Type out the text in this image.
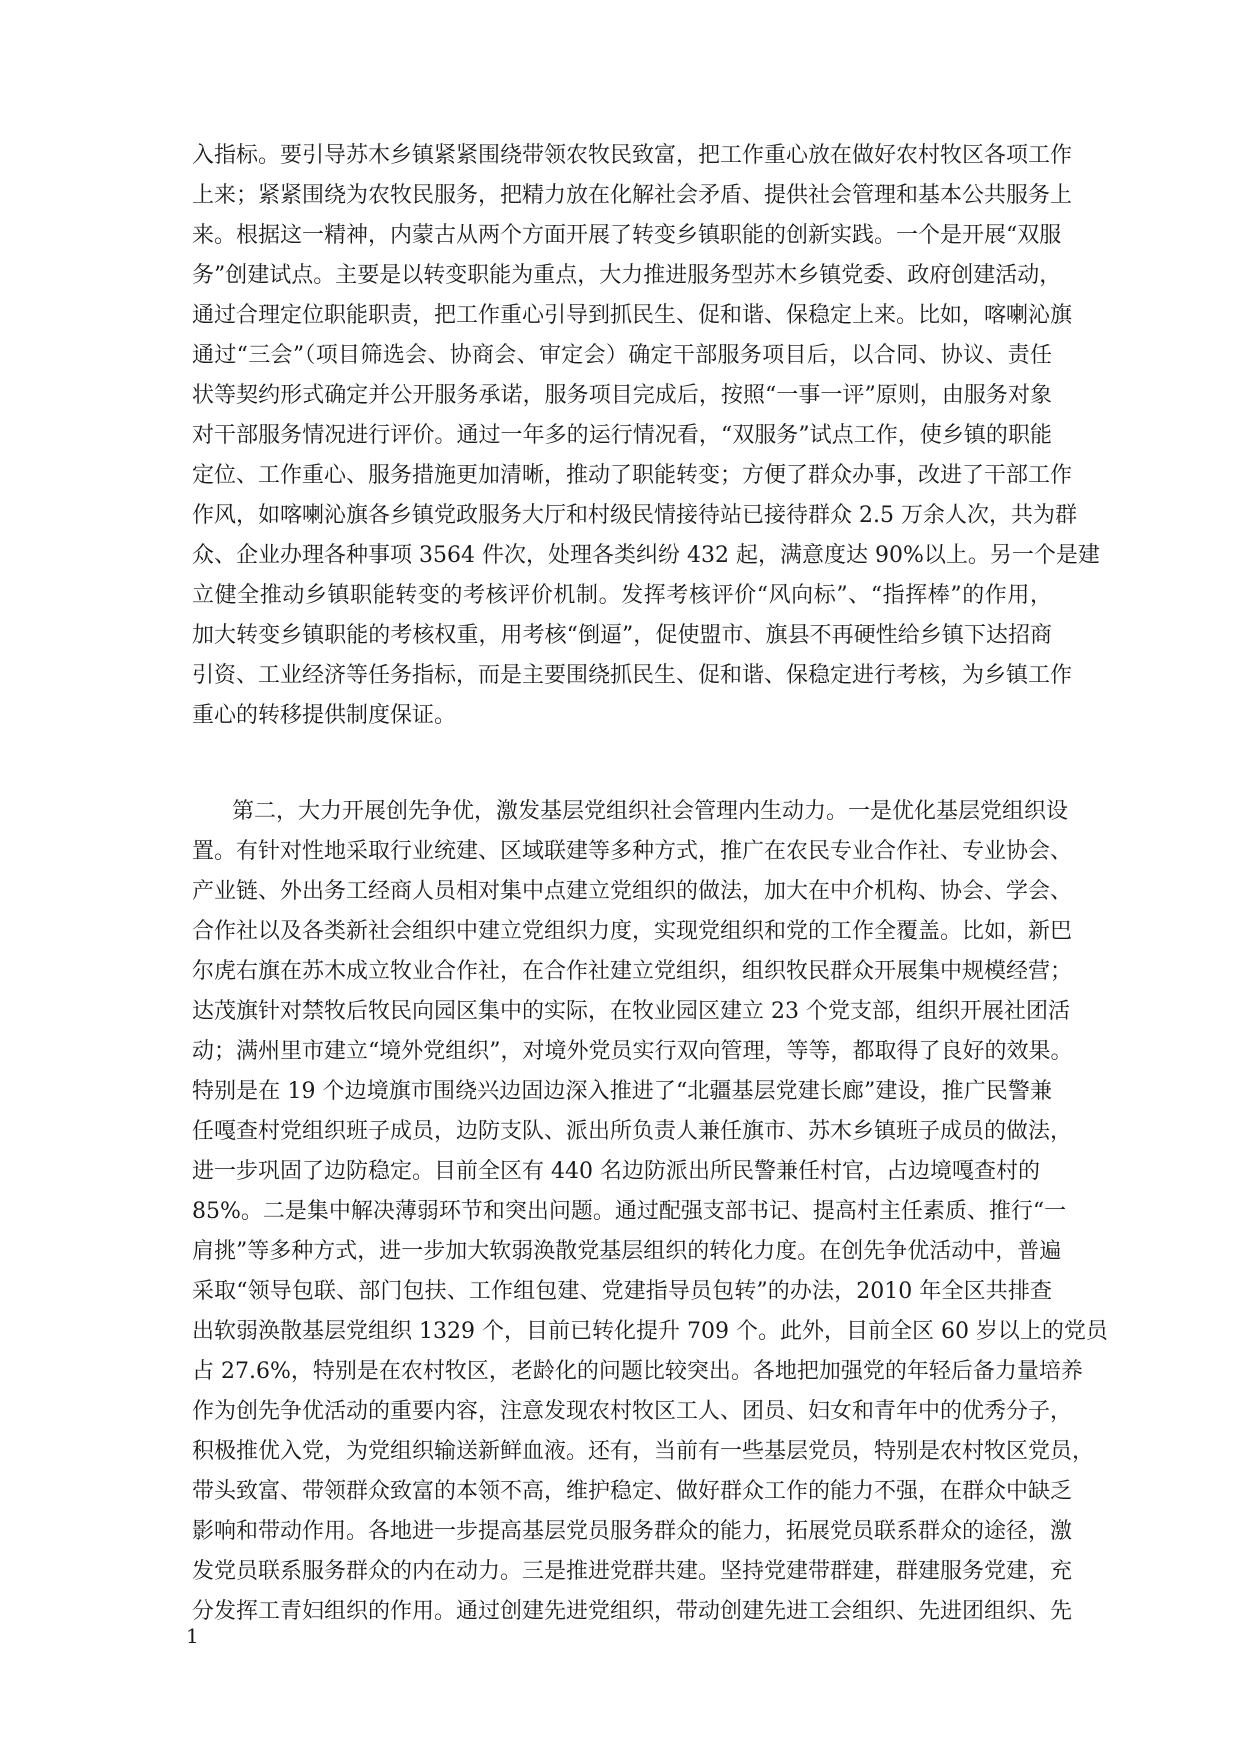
入指标。要引导苏木乡镇紧紧围绕带领农牧民致富，把工作重心放在做好农村牧区各项工作
上来；紧紧围绕为农牧民服务，把精力放在化解社会矛盾、提供社会管理和基本公共服务上
来。根据这一精神，内蒙古从两个方面开展了转变乡镇职能的创新实践。一个是开展“双服
务”创建试点。主要是以转变职能为重点，大力推进服务型苏木乡镇党委、政府创建活动，
通过合理定位职能职责，把工作重心引导到抓民生、促和谐、保稳定上来。比如，喀喇沁旗
通过“三会”（项目筛选会、协商会、审定会）确定干部服务项目后，以合同、协议、责任
状等契约形式确定并公开服务承诺，服务项目完成后，按照“一事一评”原则，由服务对象
对干部服务情况进行评价。通过一年多的运行情况看，“双服务”试点工作，使乡镇的职能
定位、工作重心、服务措施更加清晰，推动了职能转变；方便了群众办事，改进了干部工作
作风，如喀喇沁旗各乡镇党政服务大厅和村级民情接待站已接待群众 2.5 万余人次，共为群
众、企业办理各种事项 3564 件次，处理各类纠纷 432 起，满意度达 90%以上。另一个是建
立健全推动乡镇职能转变的考核评价机制。发挥考核评价“风向标”、“指挥棒”的作用，
加大转变乡镇职能的考核权重，用考核“倒逼”，促使盟市、旗县不再硬性给乡镇下达招商
引资、工业经济等任务指标，而是主要围绕抓民生、促和谐、保稳定进行考核，为乡镇工作
重心的转移提供制度保证。
第二，大力开展创先争优，激发基层党组织社会管理内生动力。一是优化基层党组织设
置。有针对性地采取行业统建、区域联建等多种方式，推广在农民专业合作社、专业协会、
产业链、外出务工经商人员相对集中点建立党组织的做法，加大在中介机构、协会、学会、
合作社以及各类新社会组织中建立党组织力度，实现党组织和党的工作全覆盖。比如，新巴
尔虎右旗在苏木成立牧业合作社，在合作社建立党组织，组织牧民群众开展集中规模经营；
达茂旗针对禁牧后牧民向园区集中的实际，在牧业园区建立 23 个党支部，组织开展社团活
动；满州里市建立“境外党组织”，对境外党员实行双向管理，等等，都取得了良好的效果。
特别是在 19 个边境旗市围绕兴边固边深入推进了“北疆基层党建长廊”建设，推广民警兼
任嘎查村党组织班子成员，边防支队、派出所负责人兼任旗市、苏木乡镇班子成员的做法，
进一步巩固了边防稳定。目前全区有 440 名边防派出所民警兼任村官，占边境嘎查村的
85%。二是集中解决薄弱环节和突出问题。通过配强支部书记、提高村主任素质、推行“一
肩挑”等多种方式，进一步加大软弱涣散党基层组织的转化力度。在创先争优活动中，普遍
采取“领导包联、部门包扶、工作组包建、党建指导员包转”的办法，2010 年全区共排查
出软弱涣散基层党组织 1329 个，目前已转化提升 709 个。此外，目前全区 60 岁以上的党员
占 27.6%，特别是在农村牧区，老龄化的问题比较突出。各地把加强党的年轻后备力量培养
作为创先争优活动的重要内容，注意发现农村牧区工人、团员、妇女和青年中的优秀分子，
积极推优入党，为党组织输送新鲜血液。还有，当前有一些基层党员，特别是农村牧区党员，
带头致富、带领群众致富的本领不高，维护稳定、做好群众工作的能力不强，在群众中缺乏
影响和带动作用。各地进一步提高基层党员服务群众的能力，拓展党员联系群众的途径，激
发党员联系服务群众的内在动力。三是推进党群共建。坚持党建带群建，群建服务党建，充
分发挥工青妇组织的作用。通过创建先进党组织，带动创建先进工会组织、先进团组织、先
1
